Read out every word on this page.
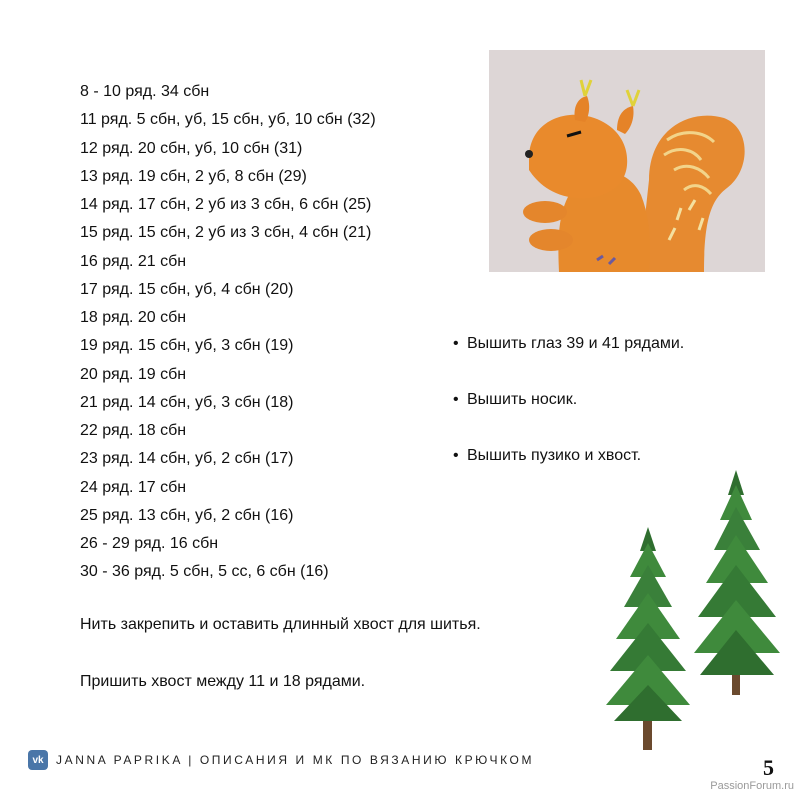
8 - 10 ряд. 34 сбн
11 ряд. 5 сбн, уб, 15 сбн, уб, 10 сбн (32)
12 ряд. 20 сбн, уб, 10 сбн (31)
13 ряд. 19 сбн, 2 уб, 8 сбн (29)
14 ряд. 17 сбн, 2 уб из 3 сбн, 6 сбн (25)
15 ряд. 15 сбн, 2 уб из 3 сбн, 4 сбн (21)
16 ряд. 21 сбн
17 ряд. 15 сбн, уб, 4 сбн (20)
18 ряд. 20 сбн
19 ряд. 15 сбн, уб, 3 сбн (19)
20 ряд. 19 сбн
21 ряд. 14 сбн, уб, 3 сбн (18)
22 ряд. 18 сбн
23 ряд. 14 сбн, уб, 2 сбн (17)
24 ряд. 17 сбн
25 ряд. 13 сбн, уб, 2 сбн (16)
26 - 29 ряд. 16 сбн
30 - 36 ряд. 5 сбн, 5 сс, 6 сбн (16)
Нить закрепить и оставить длинный хвост для шитья.
Пришить хвост между 11 и 18 рядами.
• Вышить глаз 39 и 41 рядами.
• Вышить носик.
• Вышить пузико и хвост.
vk	JANNA PAPRIKA | ОПИСАНИЯ И МК ПО ВЯЗАНИЮ КРЮЧКОМ	5
PassionForum.ru
